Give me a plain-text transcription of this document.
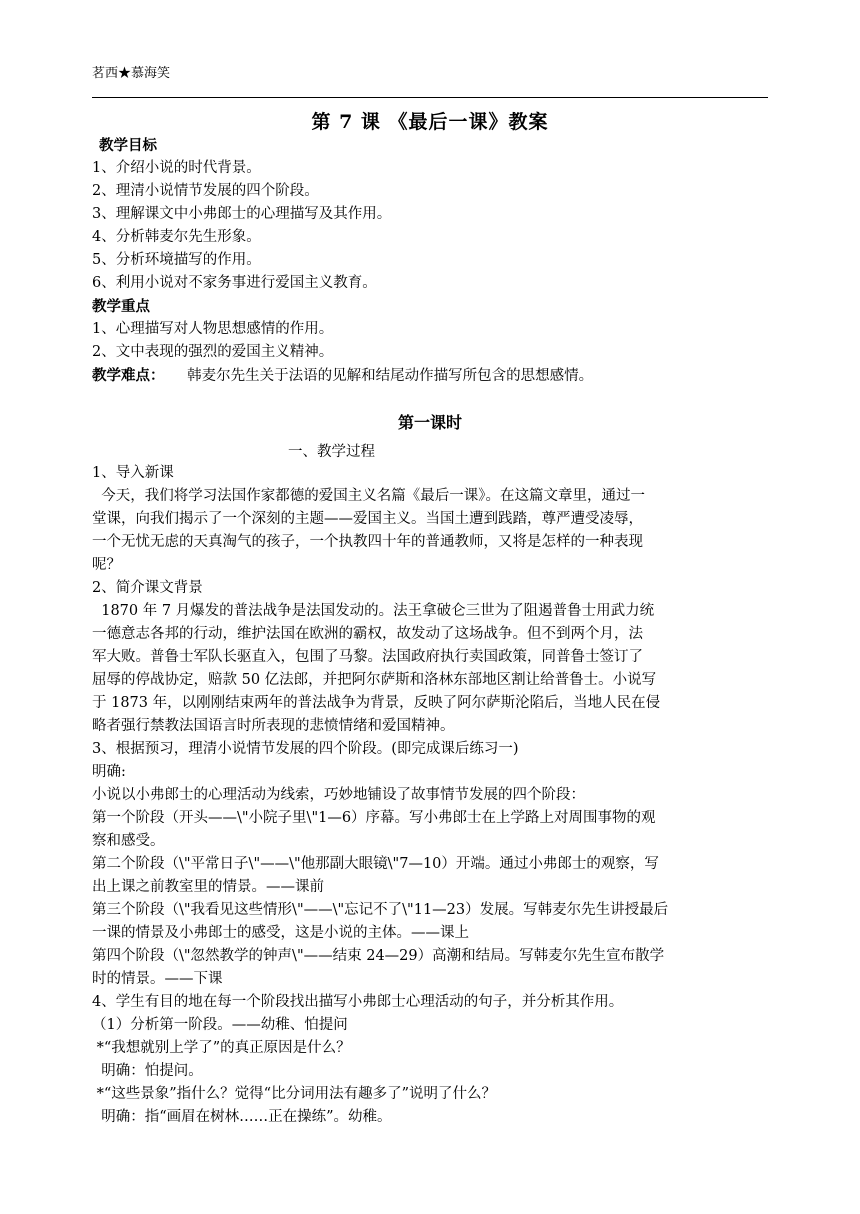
茗西★慕海笑
第 7 课 《最后一课》教案
教学目标
1、介绍小说的时代背景。
2、理清小说情节发展的四个阶段。
3、理解课文中小弗郎士的心理描写及其作用。
4、分析韩麦尔先生形象。
5、分析环境描写的作用。
6、利用小说对不家务事进行爱国主义教育。
教学重点
1、心理描写对人物思想感情的作用。
2、文中表现的强烈的爱国主义精神。
教学难点： 韩麦尔先生关于法语的见解和结尾动作描写所包含的思想感情。
第一课时
一、教学过程
1、导入新课
今天，我们将学习法国作家都德的爱国主义名篇《最后一课》。在这篇文章里，通过一
堂课，向我们揭示了一个深刻的主题——爱国主义。当国土遭到践踏，尊严遭受凌辱，
一个无忧无虑的天真淘气的孩子，一个执教四十年的普通教师，又将是怎样的一种表现
呢？
2、简介课文背景
1870 年 7 月爆发的普法战争是法国发动的。法王拿破仑三世为了阻遏普鲁士用武力统
一德意志各邦的行动，维护法国在欧洲的霸权，故发动了这场战争。但不到两个月，法
军大败。普鲁士军队长驱直入，包围了马黎。法国政府执行卖国政策，同普鲁士签订了
屈辱的停战协定，赔款 50 亿法郎，并把阿尔萨斯和洛林东部地区割让给普鲁士。小说写
于 1873 年，以刚刚结束两年的普法战争为背景，反映了阿尔萨斯沦陷后，当地人民在侵
略者强行禁教法国语言时所表现的悲愤情绪和爱国精神。
3、根据预习，理清小说情节发展的四个阶段。(即完成课后练习一)
明确:
小说以小弗郎士的心理活动为线索，巧妙地铺设了故事情节发展的四个阶段：
第一个阶段（开头——\"小院子里\"1—6）序幕。写小弗郎士在上学路上对周围事物的观
察和感受。
第二个阶段（\"平常日子\"——\"他那副大眼镜\"7—10）开端。通过小弗郎士的观察，写
出上课之前教室里的情景。——课前
第三个阶段（\"我看见这些情形\"——\"忘记不了\"11—23）发展。写韩麦尔先生讲授最后
一课的情景及小弗郎士的感受，这是小说的主体。——课上
第四个阶段（\"忽然教学的钟声\"——结束 24—29）高潮和结局。写韩麦尔先生宣布散学
时的情景。——下课
4、学生有目的地在每一个阶段找出描写小弗郎士心理活动的句子，并分析其作用。
（1）分析第一阶段。——幼稚、怕提问
*“我想就别上学了”的真正原因是什么？
明确：怕提问。
*“这些景象”指什么？觉得“比分词用法有趣多了”说明了什么？
明确：指“画眉在树林……正在操练”。幼稚。
